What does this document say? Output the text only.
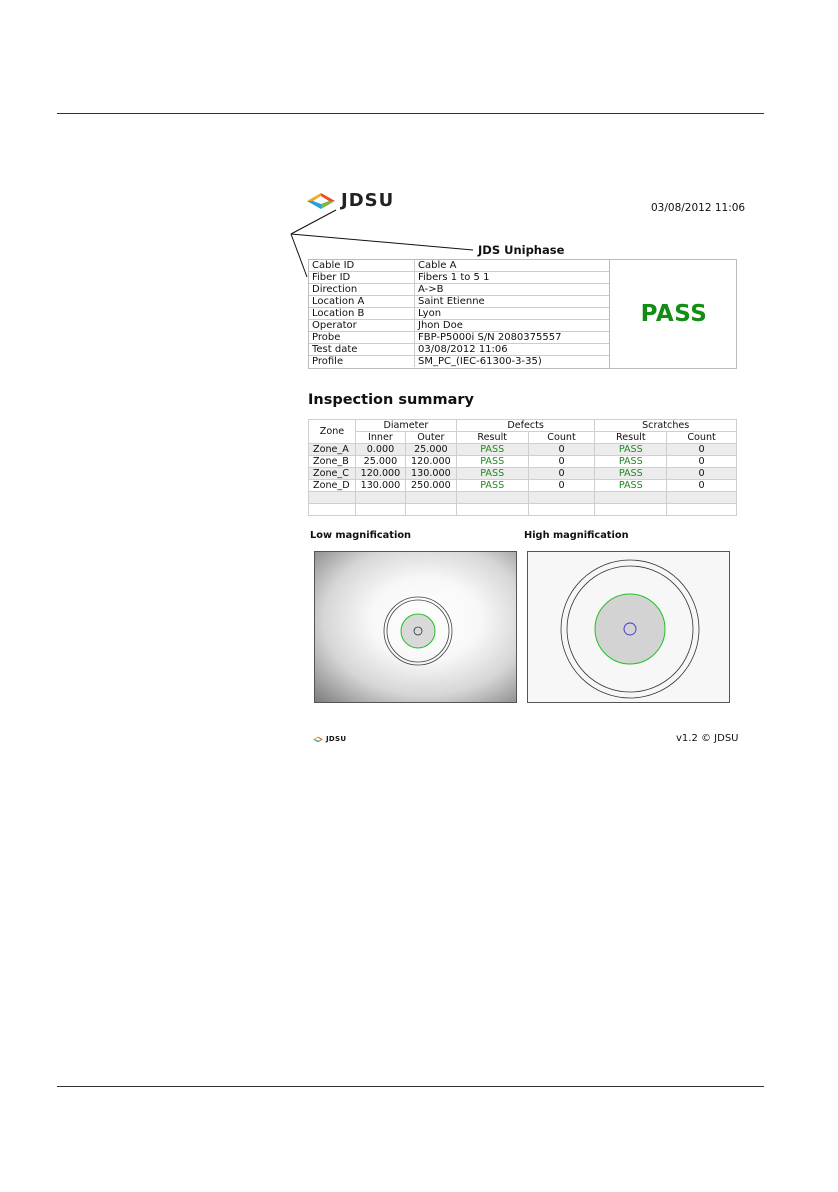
JDSU	03/08/2012 11:06
JDS Uniphase
Cable ID	Cable A
Fiber ID	Fibers 1 to 5 1
Direction	A->B
Location A	Saint Etienne
Location B	Lyon
Operator	Jhon Doe
Probe	FBP-P5000i S/N 2080375557
Test date	03/08/2012 11:06
Profile	SM_PC_(IEC-61300-3-35)
PASS
Inspection summary
Zone	Diameter		Defects		Scratches	
	Inner	Outer	Result	Count	Result	Count
Zone_A	0.000	25.000	PASS	0	PASS	0
Zone_B	25.000	120.000	PASS	0	PASS	0
Zone_C	120.000	130.000	PASS	0	PASS	0
Zone_D	130.000	250.000	PASS	0	PASS	0

Low magnification	High magnification
JDSU	v1.2 © JDSU
